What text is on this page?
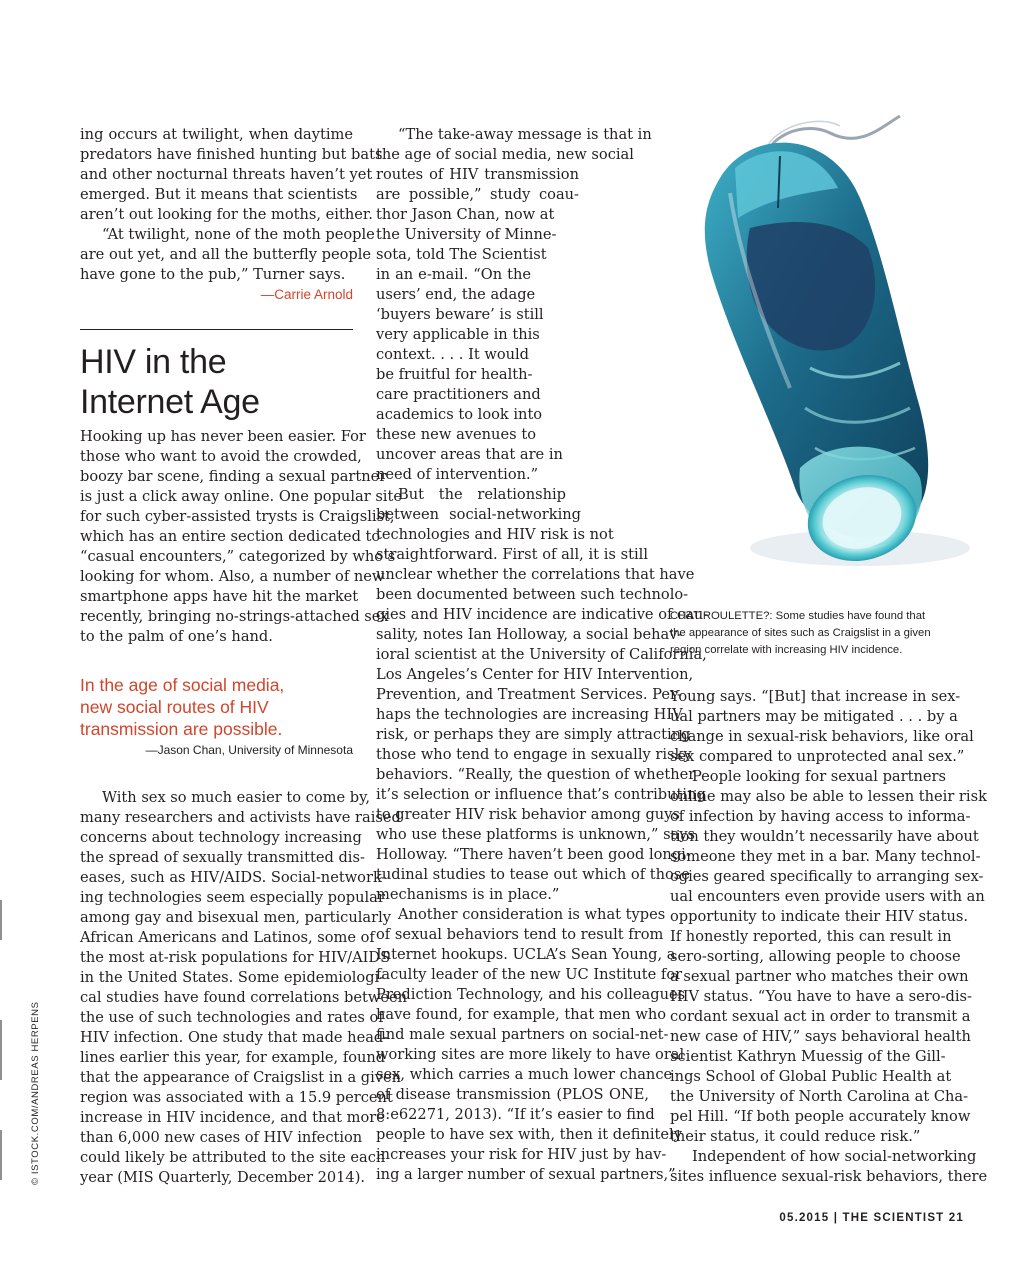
ing occurs at twilight, when daytime
predators have finished hunting but bats
and other nocturnal threats haven’t yet
emerged. But it means that scientists
aren’t out looking for the moths, either.
“At twilight, none of the moth people
are out yet, and all the butterfly people
have gone to the pub,” Turner says.
—Carrie Arnold
HIV in the
Internet Age
Hooking up has never been easier. For
those who want to avoid the crowded,
boozy bar scene, finding a sexual partner
is just a click away online. One popular site
for such cyber-assisted trysts is Craigslist,
which has an entire section dedicated to
“casual encounters,” categorized by who’s
looking for whom. Also, a number of new
smartphone apps have hit the market
recently, bringing no-strings-attached sex
to the palm of one’s hand.
In the age of social media,
new social routes of HIV
transmission are possible.
—Jason Chan, University of Minnesota
With sex so much easier to come by,
many researchers and activists have raised
concerns about technology increasing
the spread of sexually transmitted dis-
eases, such as HIV/AIDS. Social-network-
ing technologies seem especially popular
among gay and bisexual men, particularly
African Americans and Latinos, some of
the most at-risk populations for HIV/AIDS
in the United States. Some epidemiologi-
cal studies have found correlations between
the use of such technologies and rates of
HIV infection. One study that made head-
lines earlier this year, for example, found
that the appearance of Craigslist in a given
region was associated with a 15.9 percent
increase in HIV incidence, and that more
than 6,000 new cases of HIV infection
could likely be attributed to the site each
year (MIS Quarterly, December 2014).
“The take-away message is that in
the age of social media, new social
routes of HIV transmission
are possible,” study coau-
thor Jason Chan, now at
the University of Minne-
sota, told The Scientist
in an e-mail. “On the
users’ end, the adage
‘buyers beware’ is still
very applicable in this
context. . . . It would
be fruitful for health-
care practitioners and
academics to look into
these new avenues to
uncover areas that are in
need of intervention.”
But the relationship
between social-networking
technologies and HIV risk is not
straightforward. First of all, it is still
unclear whether the correlations that have
been documented between such technolo-
gies and HIV incidence are indicative of cau-
sality, notes Ian Holloway, a social behav-
ioral scientist at the University of California,
Los Angeles’s Center for HIV Intervention,
Prevention, and Treatment Services. Per-
haps the technologies are increasing HIV
risk, or perhaps they are simply attracting
those who tend to engage in sexually risky
behaviors. “Really, the question of whether
it’s selection or influence that’s contributing
to greater HIV risk behavior among guys
who use these platforms is unknown,” says
Holloway. “There haven’t been good longi-
tudinal studies to tease out which of those
mechanisms is in place.”
Another consideration is what types
of sexual behaviors tend to result from
Internet hookups. UCLA’s Sean Young, a
faculty leader of the new UC Institute for
Prediction Technology, and his colleagues
have found, for example, that men who
find male sexual partners on social-net-
working sites are more likely to have oral
sex, which carries a much lower chance
of disease transmission (PLOS ONE,
8:e62271, 2013). “If it’s easier to find
people to have sex with, then it definitely
increases your risk for HIV just by hav-
ing a larger number of sexual partners,”
CHAT ROULETTE?: Some studies have found that
the appearance of sites such as Craigslist in a given
region correlate with increasing HIV incidence.
Young says. “[But] that increase in sex-
ual partners may be mitigated . . . by a
change in sexual-risk behaviors, like oral
sex compared to unprotected anal sex.”
People looking for sexual partners
online may also be able to lessen their risk
of infection by having access to informa-
tion they wouldn’t necessarily have about
someone they met in a bar. Many technol-
ogies geared specifically to arranging sex-
ual encounters even provide users with an
opportunity to indicate their HIV status.
If honestly reported, this can result in
sero-sorting, allowing people to choose
a sexual partner who matches their own
HIV status. “You have to have a sero-dis-
cordant sexual act in order to transmit a
new case of HIV,” says behavioral health
scientist Kathryn Muessig of the Gill-
ings School of Global Public Health at
the University of North Carolina at Cha-
pel Hill. “If both people accurately know
their status, it could reduce risk.”
Independent of how social-networking
sites influence sexual-risk behaviors, there
© ISTOCK.COM/ANDREAS HERPENS
05.2015 | THE SCIENTIST 21
